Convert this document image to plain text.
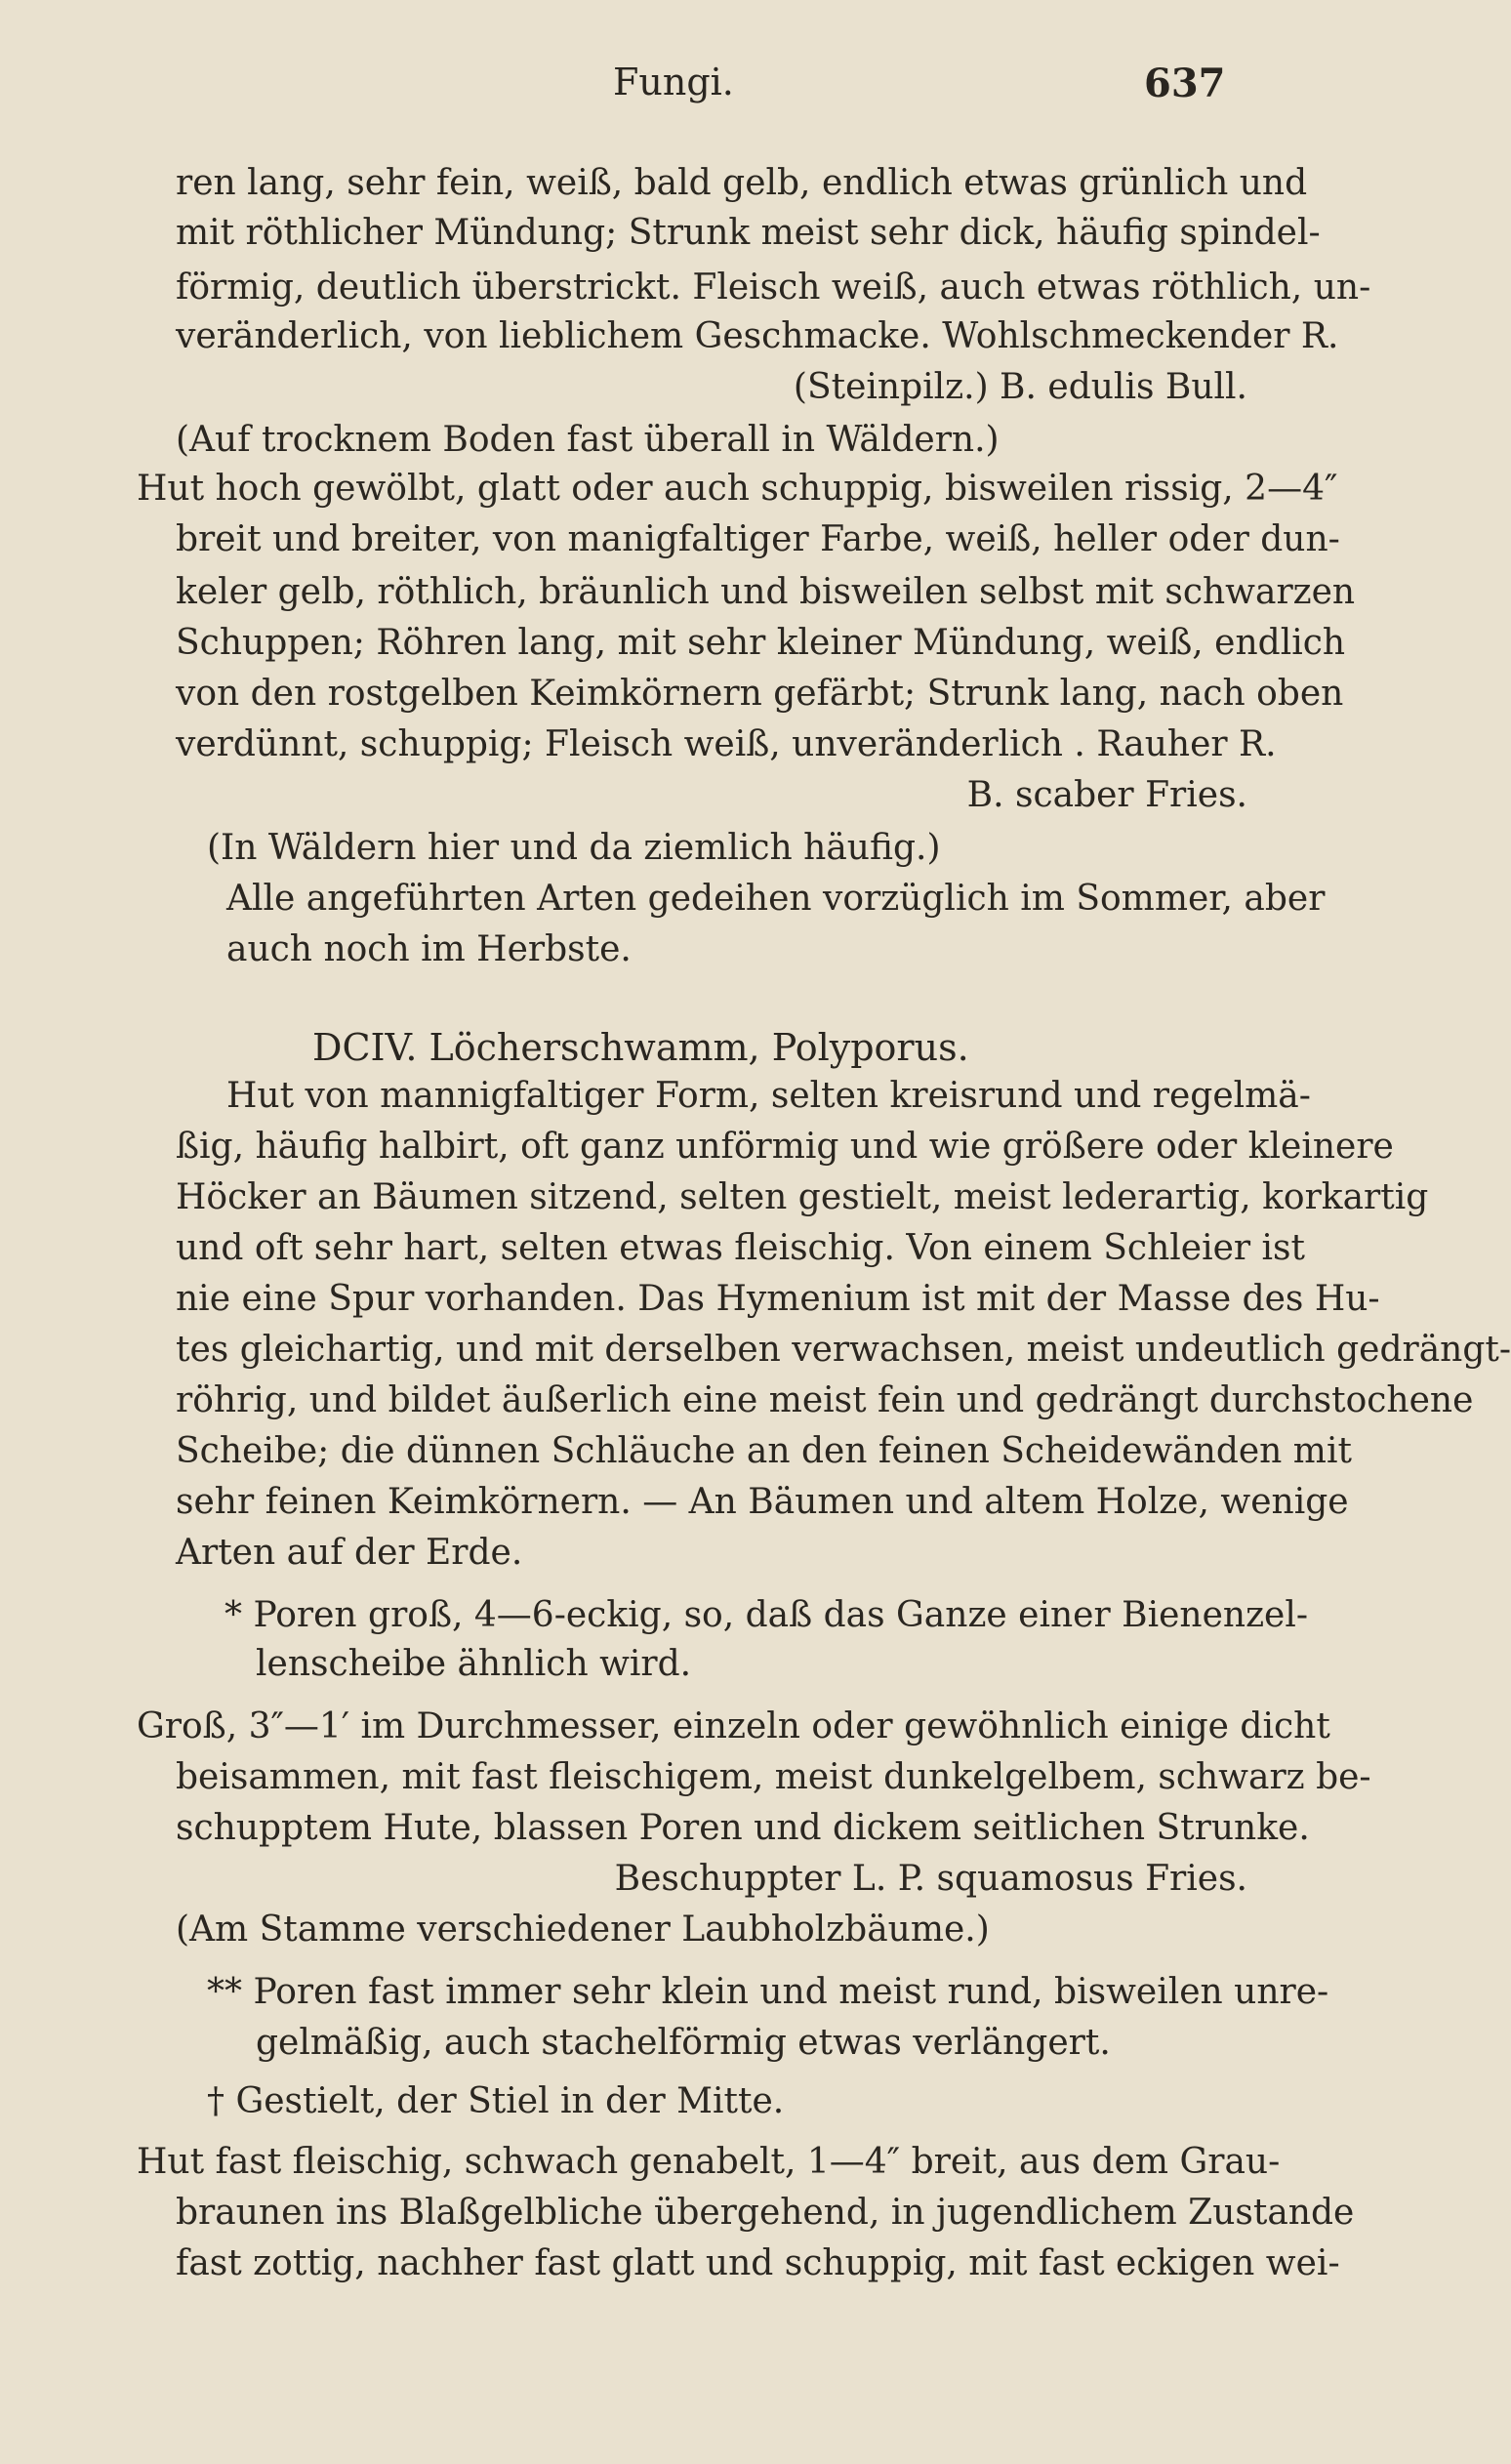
Fungi.	637
ren lang, sehr fein, weiß, bald gelb, endlich etwas grünlich und
mit röthlicher Mündung; Strunk meist sehr dick, häufig spindel-
förmig, deutlich überstrickt. Fleisch weiß, auch etwas röthlich, un-
veränderlich, von lieblichem Geschmacke. Wohlschmeckender R.
(Steinpilz.) B. edulis Bull.
(Auf trocknem Boden fast überall in Wäldern.)
Hut hoch gewölbt, glatt oder auch schuppig, bisweilen rissig, 2—4″
breit und breiter, von manigfaltiger Farbe, weiß, heller oder dun-
keler gelb, röthlich, bräunlich und bisweilen selbst mit schwarzen
Schuppen; Röhren lang, mit sehr kleiner Mündung, weiß, endlich
von den rostgelben Keimkörnern gefärbt; Strunk lang, nach oben
verdünnt, schuppig; Fleisch weiß, unveränderlich . Rauher R.
B. scaber Fries.
(In Wäldern hier und da ziemlich häufig.)
Alle angeführten Arten gedeihen vorzüglich im Sommer, aber
auch noch im Herbste.
DCIV. Löcherschwamm, Polyporus.
Hut von mannigfaltiger Form, selten kreisrund und regelmä-
ßig, häufig halbirt, oft ganz unförmig und wie größere oder kleinere
Höcker an Bäumen sitzend, selten gestielt, meist lederartig, korkartig
und oft sehr hart, selten etwas fleischig. Von einem Schleier ist
nie eine Spur vorhanden. Das Hymenium ist mit der Masse des Hu-
tes gleichartig, und mit derselben verwachsen, meist undeutlich gedrängt-
röhrig, und bildet äußerlich eine meist fein und gedrängt durchstochene
Scheibe; die dünnen Schläuche an den feinen Scheidewänden mit
sehr feinen Keimkörnern. — An Bäumen und altem Holze, wenige
Arten auf der Erde.
* Poren groß, 4—6-eckig, so, daß das Ganze einer Bienenzel-
lenscheibe ähnlich wird.
Groß, 3″—1′ im Durchmesser, einzeln oder gewöhnlich einige dicht
beisammen, mit fast fleischigem, meist dunkelgelbem, schwarz be-
schupptem Hute, blassen Poren und dickem seitlichen Strunke.
Beschuppter L. P. squamosus Fries.
(Am Stamme verschiedener Laubholzbäume.)
** Poren fast immer sehr klein und meist rund, bisweilen unre-
gelmäßig, auch stachelförmig etwas verlängert.
† Gestielt, der Stiel in der Mitte.
Hut fast fleischig, schwach genabelt, 1—4″ breit, aus dem Grau-
braunen ins Blaßgelbliche übergehend, in jugendlichem Zustande
fast zottig, nachher fast glatt und schuppig, mit fast eckigen wei-
